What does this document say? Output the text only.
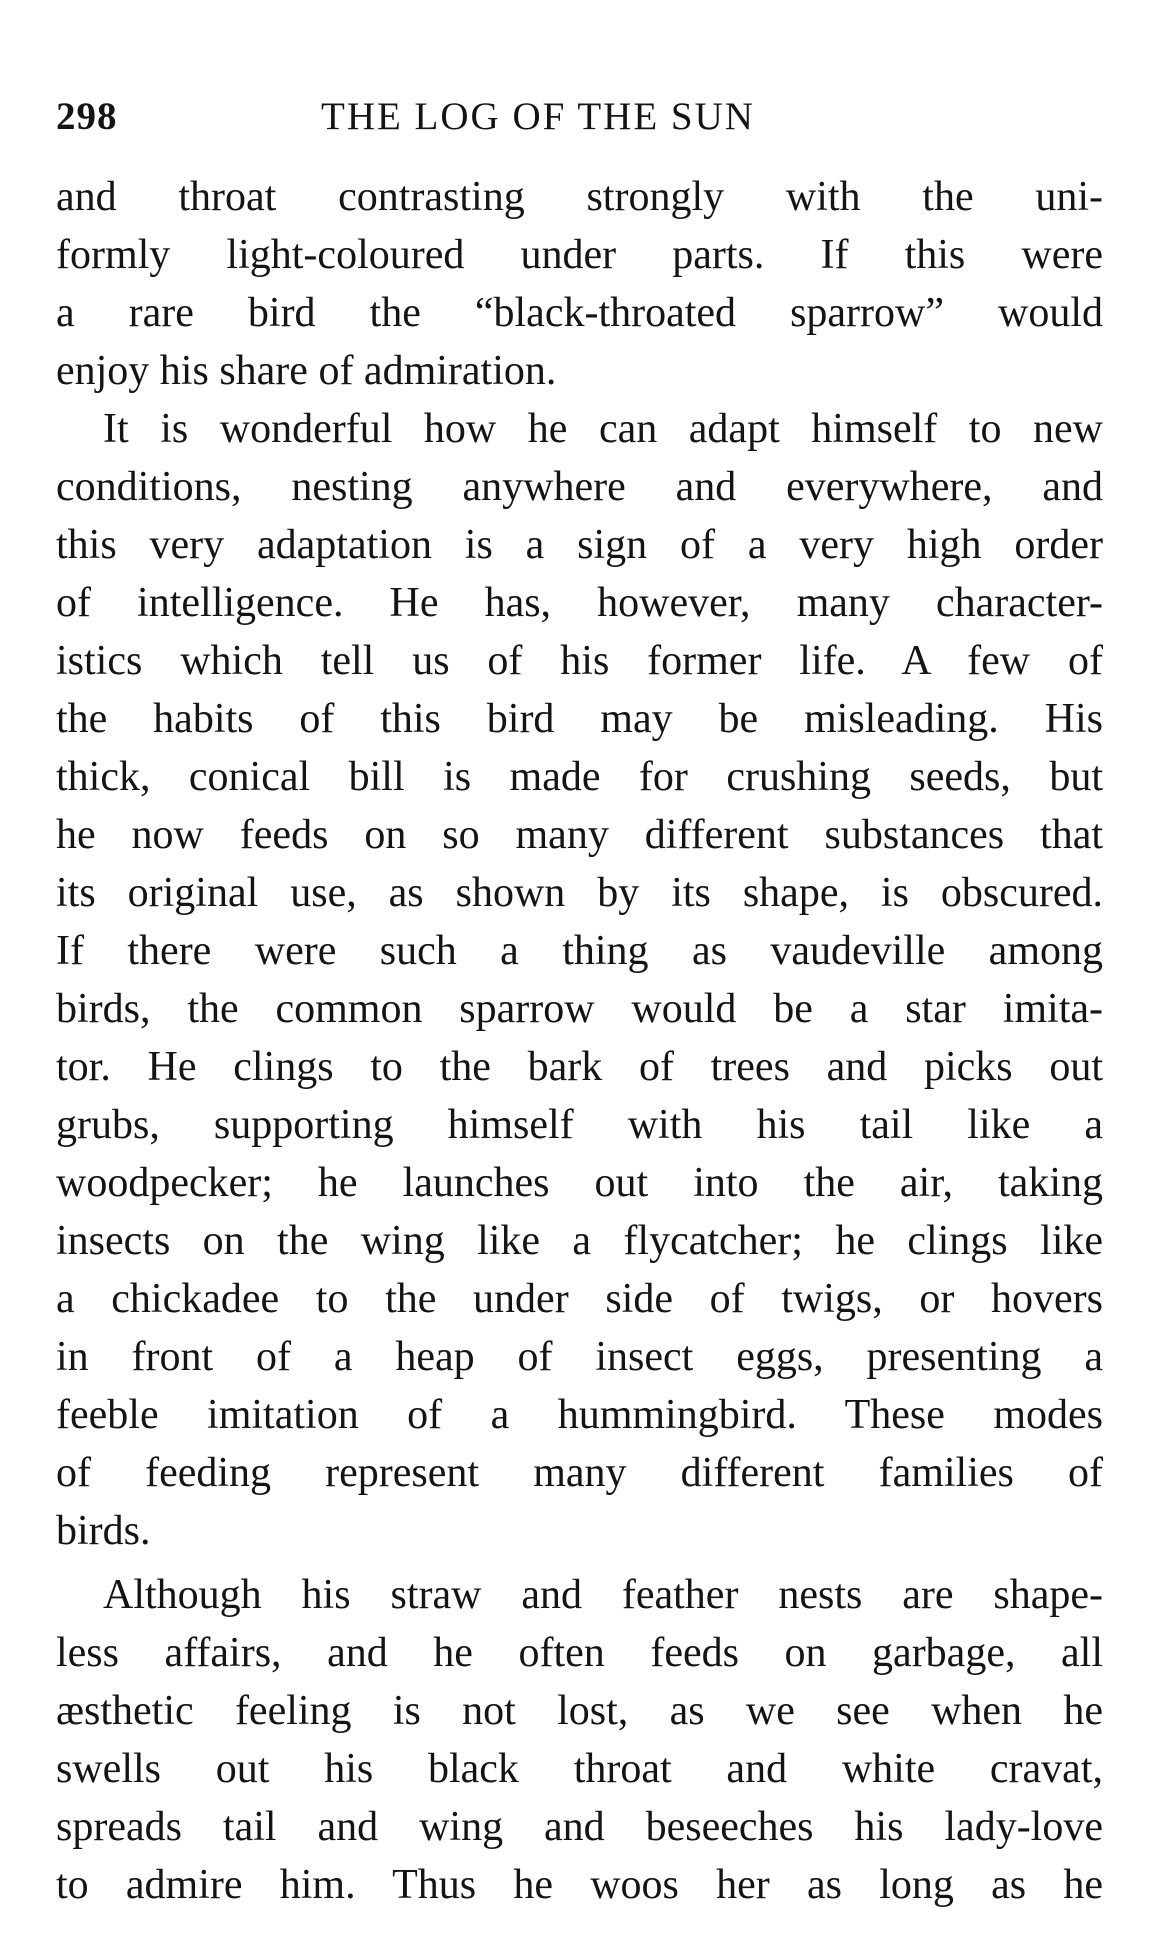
298	THE LOG OF THE SUN
and throat contrasting strongly with the uni-
formly light-coloured under parts. If this were
a rare bird the “black-throated sparrow” would
enjoy his share of admiration.
It is wonderful how he can adapt himself to new
conditions, nesting anywhere and everywhere, and
this very adaptation is a sign of a very high order
of intelligence. He has, however, many character-
istics which tell us of his former life. A few of
the habits of this bird may be misleading. His
thick, conical bill is made for crushing seeds, but
he now feeds on so many different substances that
its original use, as shown by its shape, is obscured.
If there were such a thing as vaudeville among
birds, the common sparrow would be a star imita-
tor. He clings to the bark of trees and picks out
grubs, supporting himself with his tail like a
woodpecker; he launches out into the air, taking
insects on the wing like a flycatcher; he clings like
a chickadee to the under side of twigs, or hovers
in front of a heap of insect eggs, presenting a
feeble imitation of a hummingbird. These modes
of feeding represent many different families of
birds.
Although his straw and feather nests are shape-
less affairs, and he often feeds on garbage, all
æsthetic feeling is not lost, as we see when he
swells out his black throat and white cravat,
spreads tail and wing and beseeches his lady-love
to admire him. Thus he woos her as long as he
